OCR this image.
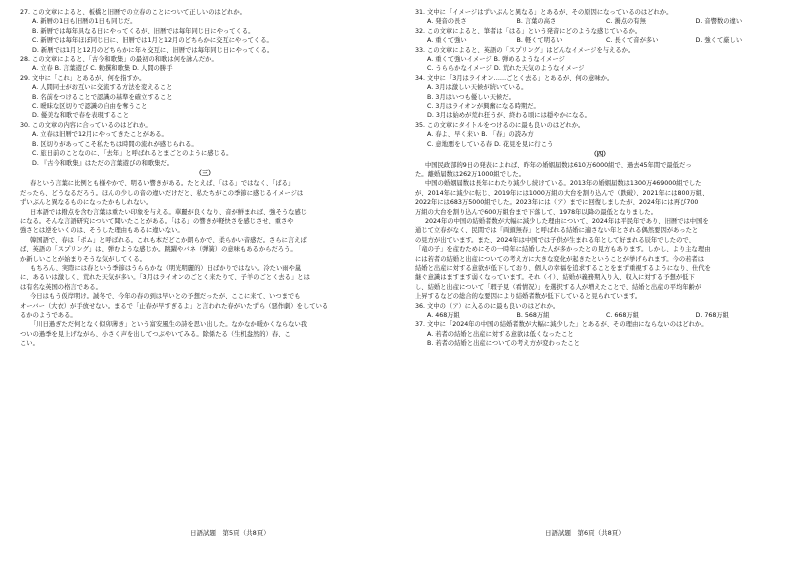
27. この文章によると、板橋と旧暦での立春のことについて正しいのはどれか。
A. 新暦の1日も旧暦の1日も同じだ。
B. 新暦では毎年具なる日にやってくるが、旧暦では毎年同じ日にやってくる。
C. 新暦では毎年ほぼ同じ日に、旧暦では1月と12月のどちらかに交互にやってくる。
D. 新暦では1月と12月のどちらかに年々交互に、旧暦では毎年同じ日にやってくる。
28. この文章によると、「古今和歌集」の最初の和歌は何を詠んだか。
A. 立春 B. 言葉遊び C. 勅撰和歌集 D. 人間の勝手
29. 文中に「これ」とあるが、何を指すか。
A. 人間同士がお互いに交流する方法を変えること
B. 名前をつけることで認識の基準を確立すること
C. 曖昧な区切りで認識の自由を奪うこと
D. 優美な和歌で春を表現すること
30. この文章の内容に合っているのはどれか。
A. 立春は旧暦で12月にやってきたことがある。
B. 区切りがあってこそ私たちは時間の流れが感じられる。
C. 旅日前のことなのに、「去年」と呼ばれるとまごとのように感じる。
D. 『古今和歌集』はただの言葉遊びの和歌集だ。
（三）
春という言葉に比例とも様やかで、明るい響きがある。たとえば、「はる」ではなく、「ばる」
だったら、どうなるだろう。ほんの少しの音の違いだけだと、私たちがこの季節に感じるイメージは
ずいぶんと異なるものになったかもしれない。
日本語では撥点を含む言葉は重たい印象を与える。華麗が良くなり、音が鮮まれば、強そうな感じ
になる。そんな言語研究について聞いたことがある。「はる」の響きが軽快さを感じさせ、重さや
強さとは逆をいくのは、そうした理由もあるに違いない。
韓国語で、春は「ポム」と呼ばれる。これも本だどこか朗らかで、柔らかい音感だ。さらに言えば
ば、英語の「スプリング」は、弾むような感じか。跳躍やバネ（弾簧）の意味もあるからだろう。
か新しいことが始まりそうな気がしてくる。
もちろん、実際には春という季節はうららかな（明光明麗的）日ばかりではない。冷たい雨や嵐
に、あるいは激しく、荒れた天気が多い。「3月はライオンのごとく来たりて、子羊のごとく去る」とは
は有名な英国の格言である。
今日はもう仮岸明け。誠冬で、今年の春の到は早いとの予想だったが、ここに来て、いつまでも
オーバー（大衣）が手放せない。まるで「止春が早すぎるよ」と言われた春がいたずら（惡作劇）をしている
るかのようである。
「川日過ぎただ何となく似卯薄き」という富安風生の詩を思い出した。なかなか暖かくならない我
ついの過季を見上げながら、小さく声を出してつぶやいてみる。除係たる（生机盎然的）春、こ
こい。
31. 文中に「イメージはずいぶんと異なる」とあるが、その原因になっているのはどれか。
A. 発音の長さ	B. 言葉の高さ	C. 濁点の有無	D. 音響数の違い
32. この文章によると、筆者は「はる」という発音にどのような感じているか。
A. 重くて強い	B. 軽くて明るい	C. 長くて音が多い	D. 強くて厳しい
33. この文章によると、英語の「スプリング」はどんなイメージを与えるか。
A. 重くて強いイメージ B. 弾めるようなイメージ
C. うららかなイメージ D. 荒れた天気のようなイメージ
34. 文中に「3月はライオン……ごとく去る」とあるが、何の意味か。
A. 3月は激しい天候が続いている。
B. 3月はいつも優しい天候だ。
C. 3月はライオンが興奮になる時期だ。
D. 3月は始めが荒れ狂うが、終わる頃には穏やかになる。
35. この文章にタイトルをつけるのに最も良いのはどれか。
A. 春よ、早く来い B. 「春」の読み方
C. 意地悪をしている春 D. 花見を見に行こう
（四）
中国民政部的9日の発表によれば、昨年の婚姻届数は610万6000組で、過去45年間で最低だっ
た。離婚届数は262万1000組でした。
中国の婚姻届数は長年にわたり減少し続けている。2013年の婚姻届数は1300万469000組でした
が、2014年に減少に転じ、2019年には1000万組の大台を割り込んで（跌破）、2021年には800万組、
2022年には683万5000組でした。2023年には（ア）までに回復しましたが、2024年には再び700
万組の大台を割り込んで600万組台まで下落して、1978年以降の最低となりました。
2024年の中国の結婚者数が大幅に減少した理由について、2024年は平民年であり、旧暦では中国を
通じて立春がなく、民間では「両頭無春」と呼ばれる結婚に適さない年とされる偶然要因があったと
の見方が出ています。また、2024年は中国では子供が生まれる年として好まれる辰年でしたので、
「竜の子」を産むためにその一時年に結婚した人が多かったとの見方もあります。しかし、より主な理由
には若者の結婚と出産についての考え方に大きな変化が起きたということが挙げられます。今の若者は
結婚と出産に対する意欲が低下しており、個人の幸福を追求することをまず重視するようになり、仕代を
継ぐ意識はますます弱くなっています。それ（イ）、結婚が義務期入り入、収入に対する予想が低下
し、結婚と出産について「瑕子見（看情况）」を選択する人が増えたことで、結婚と出産の平均年齢が
上昇するなどの総合的な要因により結婚者数が低下していると見られています。
36. 文中の（ア）に入るのに最も良いのはどれか。
A. 468万組	B. 568万組	C. 668万組	D. 768万組
37. 文中に「2024年の中国の結婚者数が大幅に減少した」とあるが、その理由にならないのはどれか。
A. 若者の結婚と出産に対する意欲は低くなったこと
B. 若者の結婚と出産についての考え方が変わったこと
日語試題　第5頁（共8頁）	日語試題　第6頁（共8頁）
